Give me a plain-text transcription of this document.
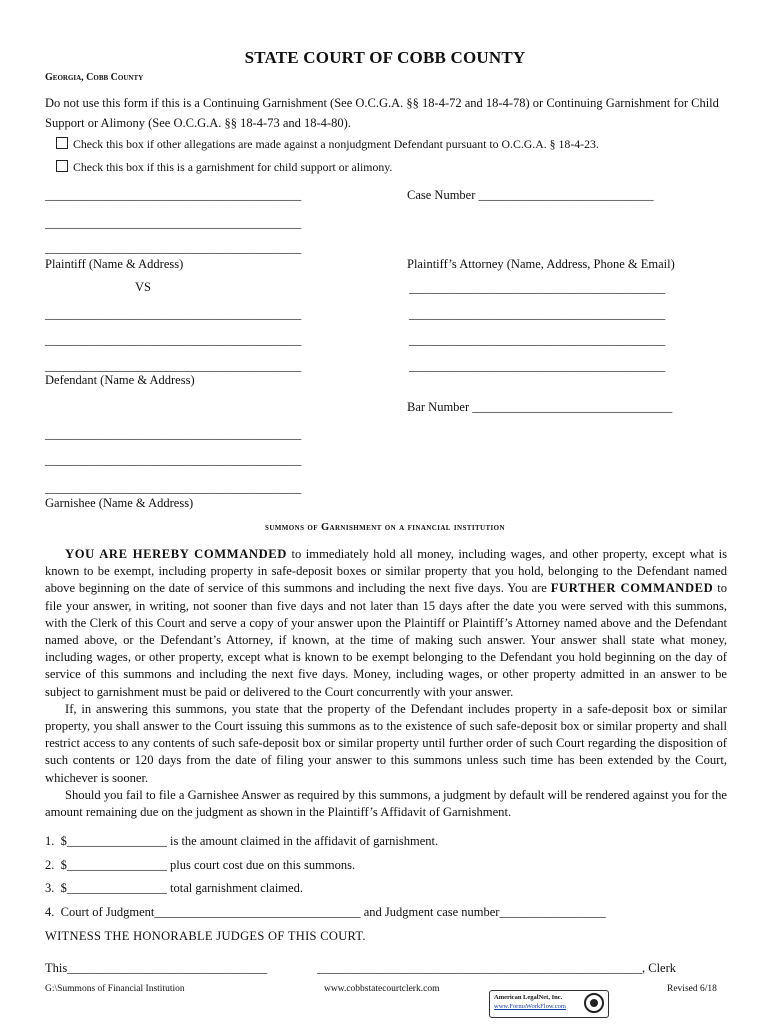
STATE COURT OF COBB COUNTY
Georgia, Cobb County
Do not use this form if this is a Continuing Garnishment (See O.C.G.A. §§ 18-4-72 and 18-4-78) or Continuing Garnishment for Child
Support or Alimony (See O.C.G.A. §§ 18-4-73 and 18-4-80).
Check this box if other allegations are made against a nonjudgment Defendant pursuant to O.C.G.A. § 18-4-23.
Check this box if this is a garnishment for child support or alimony.
_________________________________________
_________________________________________
_________________________________________
Plaintiff (Name & Address)
VS
_________________________________________
_________________________________________
_________________________________________
Defendant (Name & Address)
_________________________________________
_________________________________________
_________________________________________
Garnishee (Name & Address)
Case Number ____________________________
Plaintiff’s Attorney (Name, Address, Phone & Email)
_________________________________________
_________________________________________
_________________________________________
_________________________________________
Bar Number ________________________________
summons of Garnishment on a financial institution

YOU ARE HEREBY COMMANDED to immediately hold all money, including wages, and other property, except what is known to be exempt, including property in safe-deposit boxes or similar property that you hold, belonging to the Defendant named above beginning on the date of service of this summons and including the next five days. You are FURTHER COMMANDED to file your answer, in writing, not sooner than five days and not later than 15 days after the date you were served with this summons, with the Clerk of this Court and serve a copy of your answer upon the Plaintiff or Plaintiff’s Attorney named above and the Defendant named above, or the Defendant’s Attorney, if known, at the time of making such answer. Your answer shall state what money, including wages, or other property, except what is known to be exempt belonging to the Defendant you hold beginning on the day of service of this summons and including the next five days. Money, including wages, or other property admitted in an answer to be subject to garnishment must be paid or delivered to the Court concurrently with your answer.

If, in answering this summons, you state that the property of the Defendant includes property in a safe-deposit box or similar property, you shall answer to the Court issuing this summons as to the existence of such safe-deposit box or similar property and shall restrict access to any contents of such safe-deposit box or similar property until further order of such Court regarding the disposition of such contents or 120 days from the date of filing your answer to this summons unless such time has been extended by the Court, whichever is sooner.

Should you fail to file a Garnishee Answer as required by this summons, a judgment by default will be rendered against you for the amount remaining due on the judgment as shown in the Plaintiff’s Affidavit of Garnishment.

1. $________________ is the amount claimed in the affidavit of garnishment.
2. $________________ plus court cost due on this summons.
3. $________________ total garnishment claimed.
4. Court of Judgment_________________________________ and Judgment case number_________________
WITNESS THE HONORABLE JUDGES OF THIS COURT.
This________________________________	____________________________________________________, Clerk
G:\Summons of Financial Institution	www.cobbstatecourtclerk.com	Revised 6/18
American LegalNet, Inc.
www.FormsWorkFlow.com
